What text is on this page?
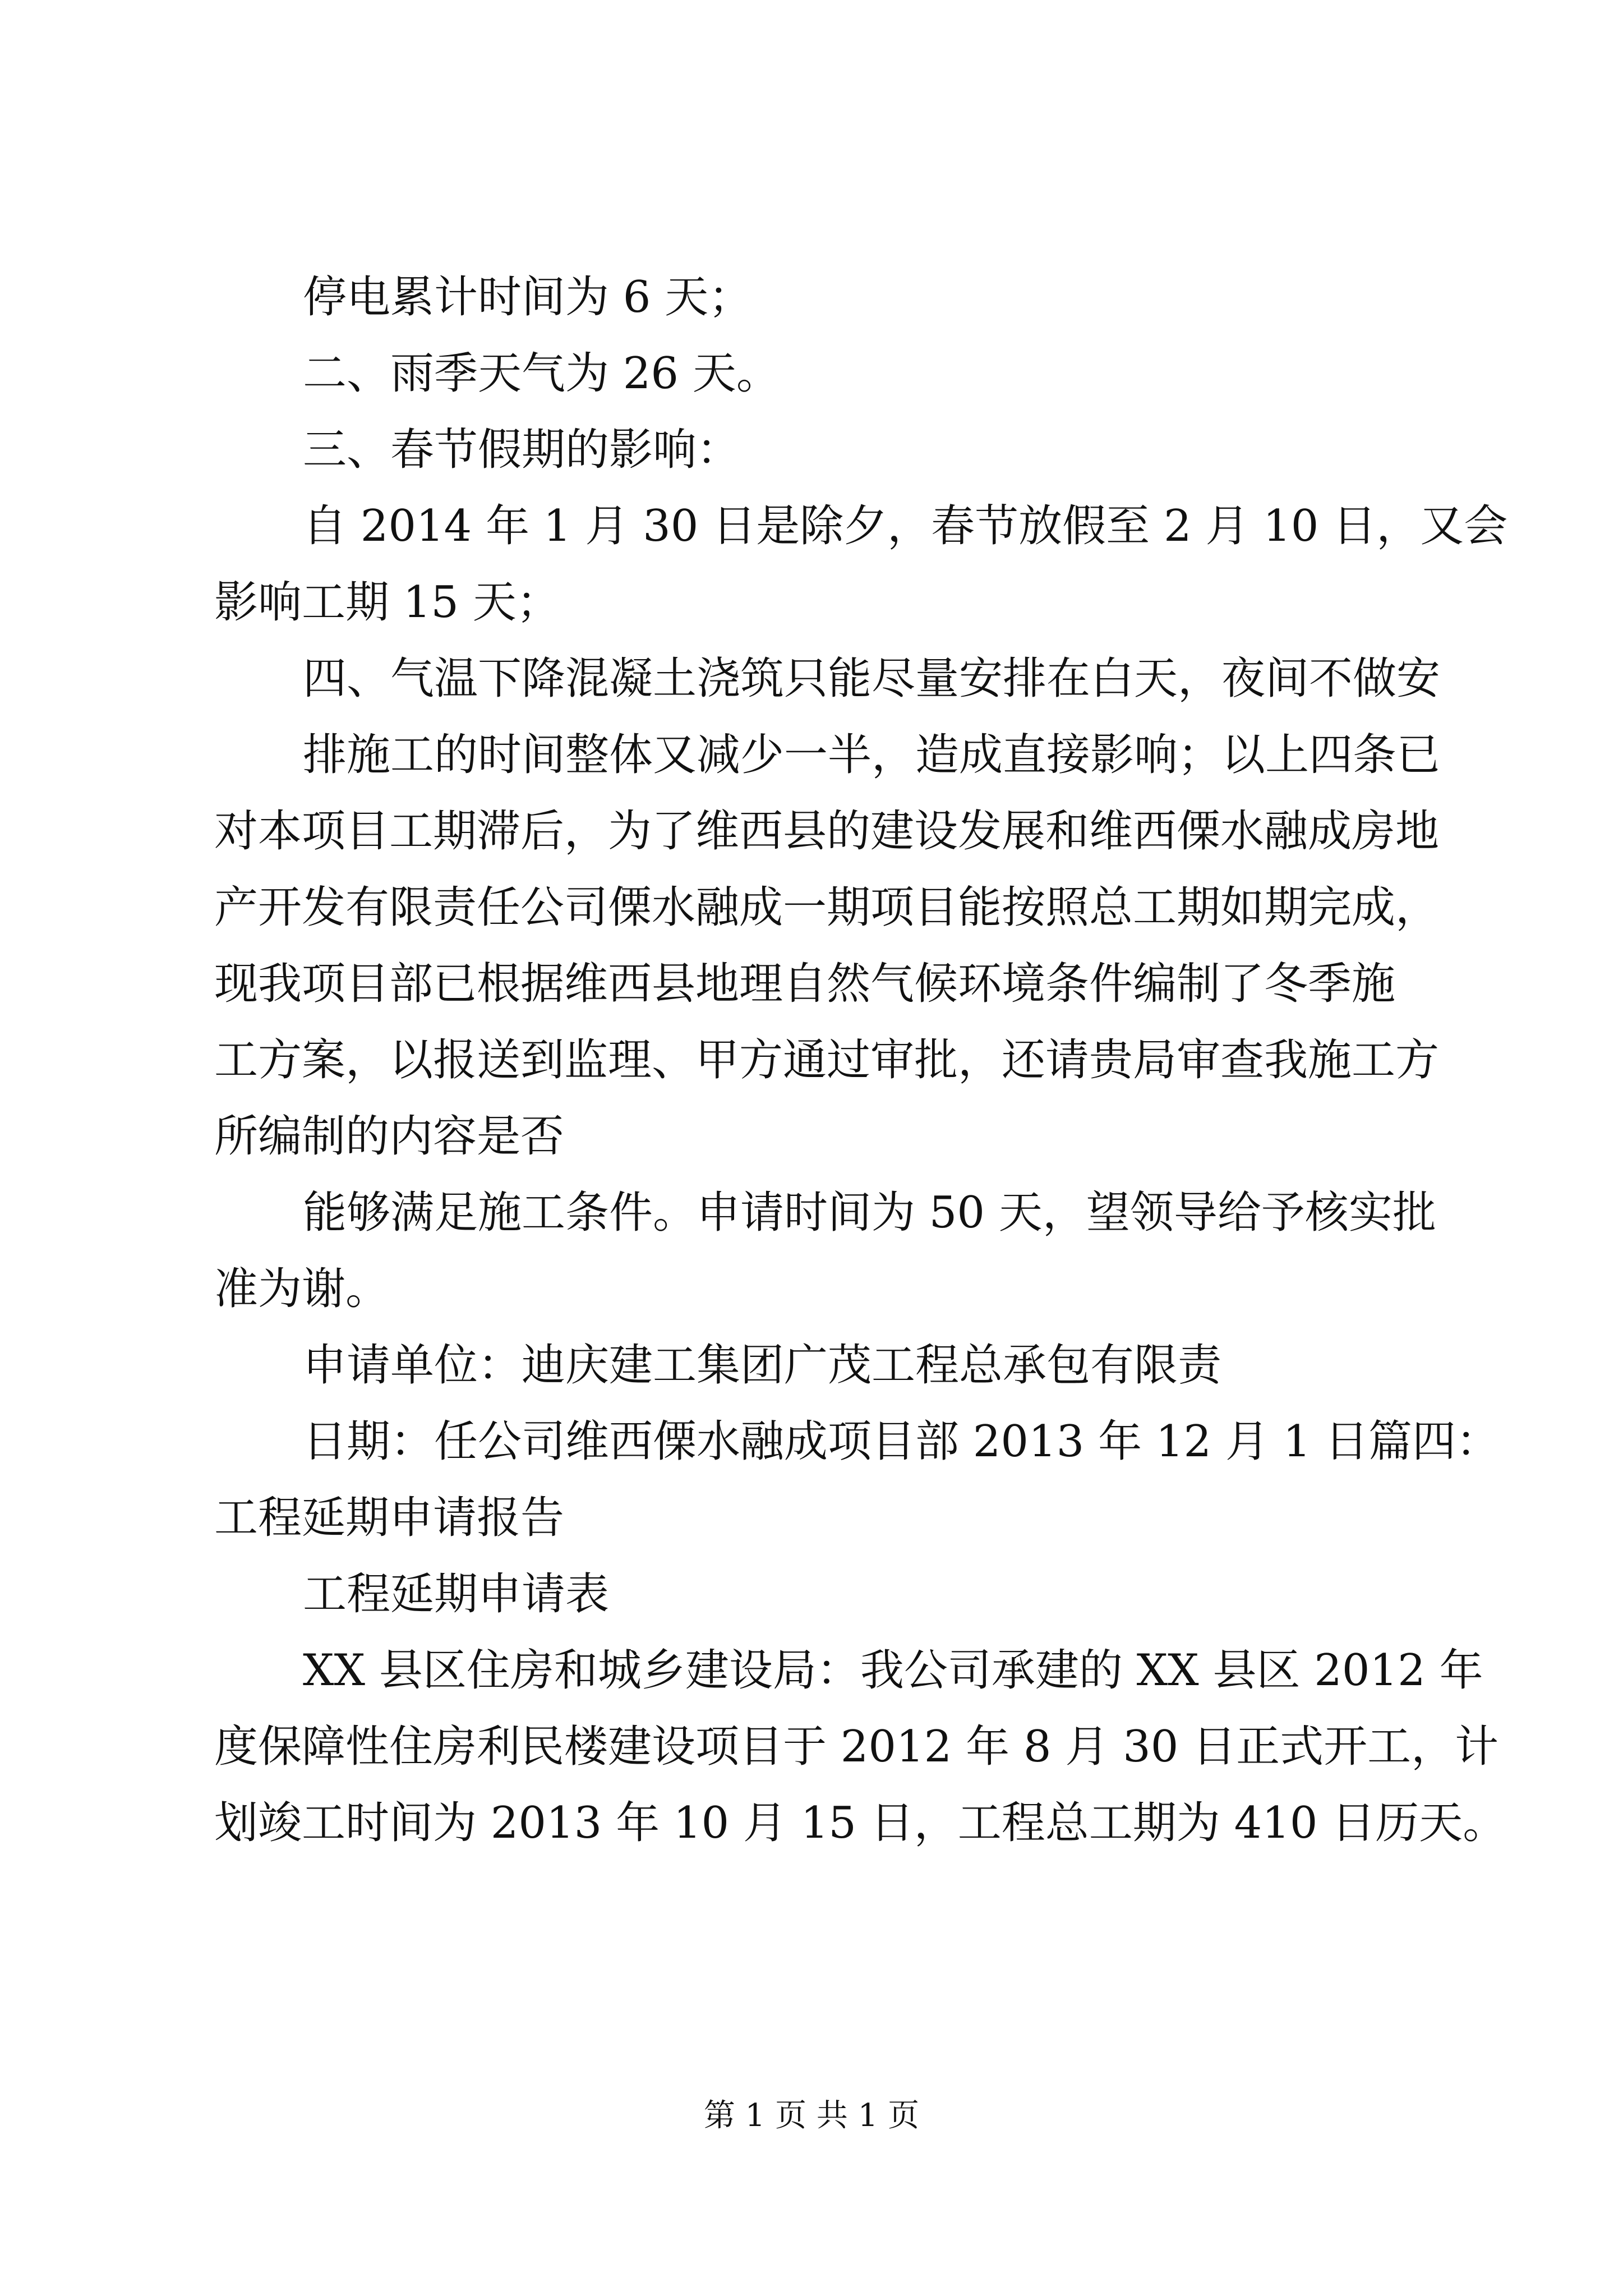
停电累计时间为 6 天；
二、雨季天气为 26 天。
三、春节假期的影响：
自 2014 年 1 月 30 日是除夕，春节放假至 2 月 10 日，又会
影响工期 15 天；
四、气温下降混凝土浇筑只能尽量安排在白天，夜间不做安
排施工的时间整体又减少一半，造成直接影响；以上四条已
对本项目工期滞后，为了维西县的建设发展和维西傈水融成房地
产开发有限责任公司傈水融成一期项目能按照总工期如期完成，
现我项目部已根据维西县地理自然气候环境条件编制了冬季施
工方案，以报送到监理、甲方通过审批，还请贵局审查我施工方
所编制的内容是否
能够满足施工条件。申请时间为 50 天，望领导给予核实批
准为谢。
申请单位：迪庆建工集团广茂工程总承包有限责
日期：任公司维西傈水融成项目部 2013 年 12 月 1 日篇四：
工程延期申请报告
工程延期申请表
XX 县区住房和城乡建设局：我公司承建的 XX 县区 2012 年
度保障性住房利民楼建设项目于 2012 年 8 月 30 日正式开工，计
划竣工时间为 2013 年 10 月 15 日，工程总工期为 410 日历天。
第 1 页 共 1 页
